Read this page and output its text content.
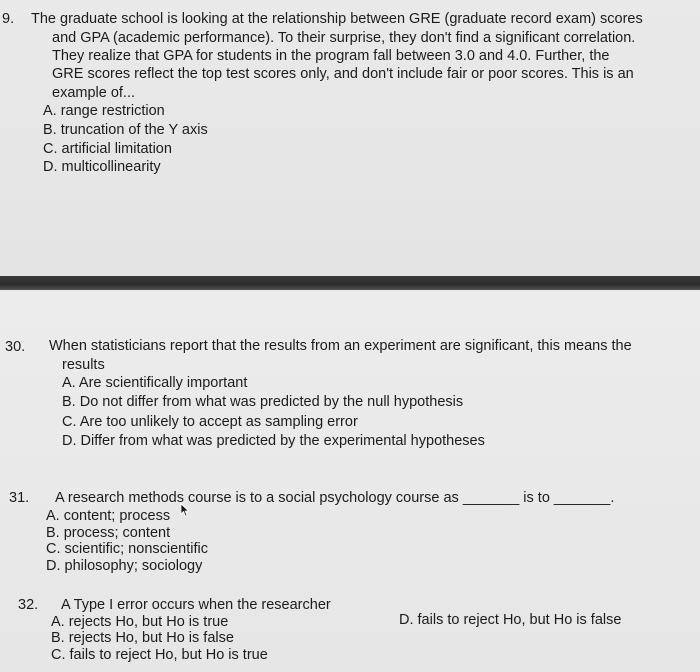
9. The graduate school is looking at the relationship between GRE (graduate record exam) scores
and GPA (academic performance). To their surprise, they don't find a significant correlation.
They realize that GPA for students in the program fall between 3.0 and 4.0. Further, the
GRE scores reflect the top test scores only, and don't include fair or poor scores. This is an
example of...
A. range restriction
B. truncation of the Y axis
C. artificial limitation
D. multicollinearity
30. When statisticians report that the results from an experiment are significant, this means the
results
A. Are scientifically important
B. Do not differ from what was predicted by the null hypothesis
C. Are too unlikely to accept as sampling error
D. Differ from what was predicted by the experimental hypotheses
31. A research methods course is to a social psychology course as _______ is to _______.
A. content; process
B. process; content
C. scientific; nonscientific
D. philosophy; sociology
32. A Type I error occurs when the researcher
A. rejects Ho, but Ho is true
B. rejects Ho, but Ho is false
C. fails to reject Ho, but Ho is true
D. fails to reject Ho, but Ho is false
